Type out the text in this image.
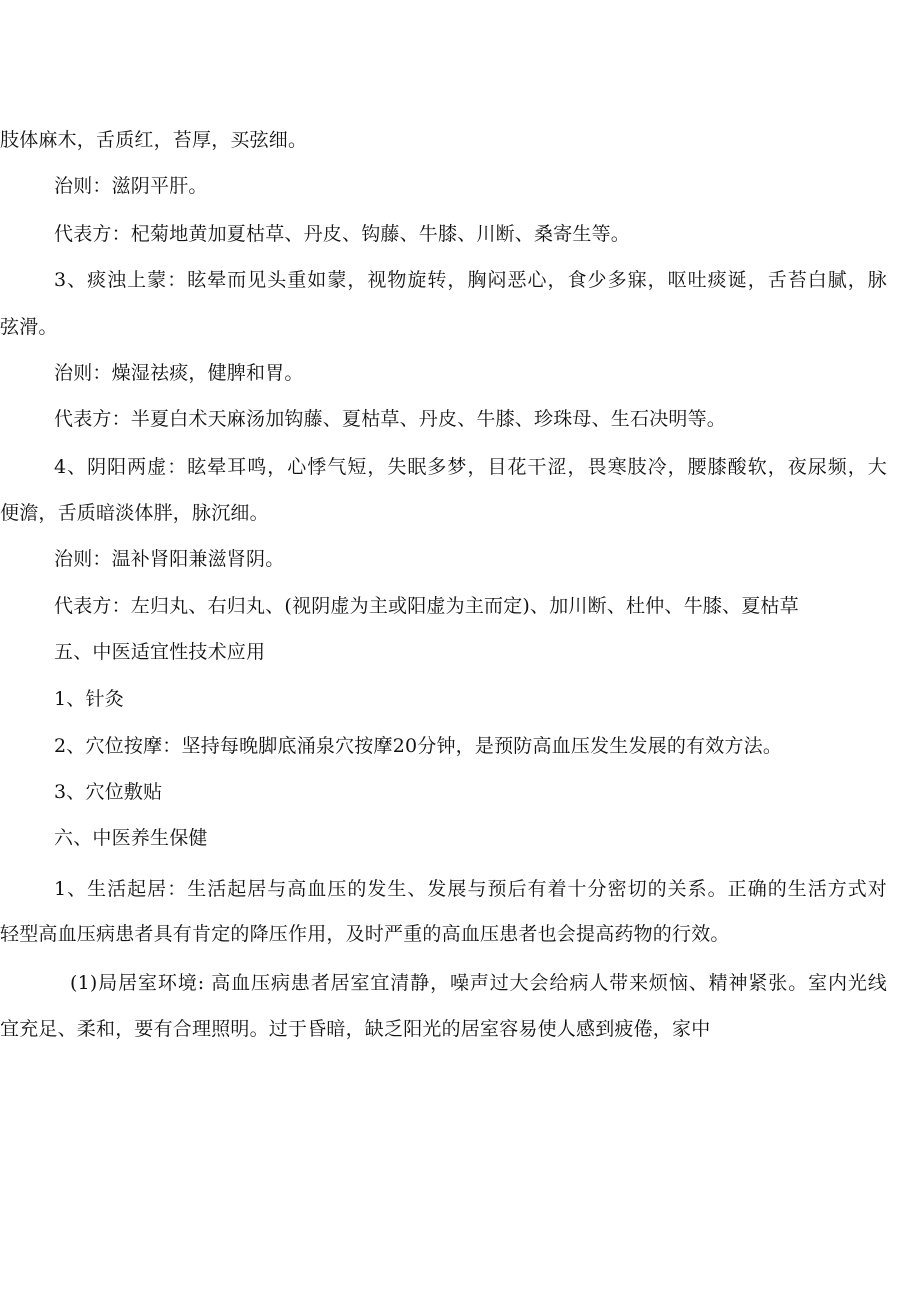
肢体麻木，舌质红，苔厚，买弦细。
治则：滋阴平肝。
代表方：杞菊地黄加夏枯草、丹皮、钩藤、牛膝、川断、桑寄生等。
3、痰浊上蒙：眩晕而见头重如蒙，视物旋转，胸闷恶心，食少多寐，呕吐痰诞，舌苔白腻，脉
弦滑。
治则：燥湿祛痰，健脾和胃。
代表方：半夏白术天麻汤加钩藤、夏枯草、丹皮、牛膝、珍珠母、生石决明等。
4、阴阳两虚：眩晕耳鸣，心悸气短，失眠多梦，目花干涩，畏寒肢冷，腰膝酸软，夜尿频，大
便澹，舌质暗淡体胖，脉沉细。
治则：温补肾阳兼滋肾阴。
代表方：左归丸、右归丸、(视阴虚为主或阳虚为主而定)、加川断、杜仲、牛膝、夏枯草
五、中医适宜性技术应用
1、针灸
2、穴位按摩：坚持每晚脚底涌泉穴按摩20分钟，是预防高血压发生发展的有效方法。
3、穴位敷贴
六、中医养生保健
1、生活起居：生活起居与高血压的发生、发展与预后有着十分密切的关系。正确的生活方式对
轻型高血压病患者具有肯定的降压作用，及时严重的高血压患者也会提高药物的行效。
(1)局居室环境: 高血压病患者居室宜清静，噪声过大会给病人带来烦恼、精神紧张。室内光线
宜充足、柔和，要有合理照明。过于昏暗，缺乏阳光的居室容易使人感到疲倦，家中
